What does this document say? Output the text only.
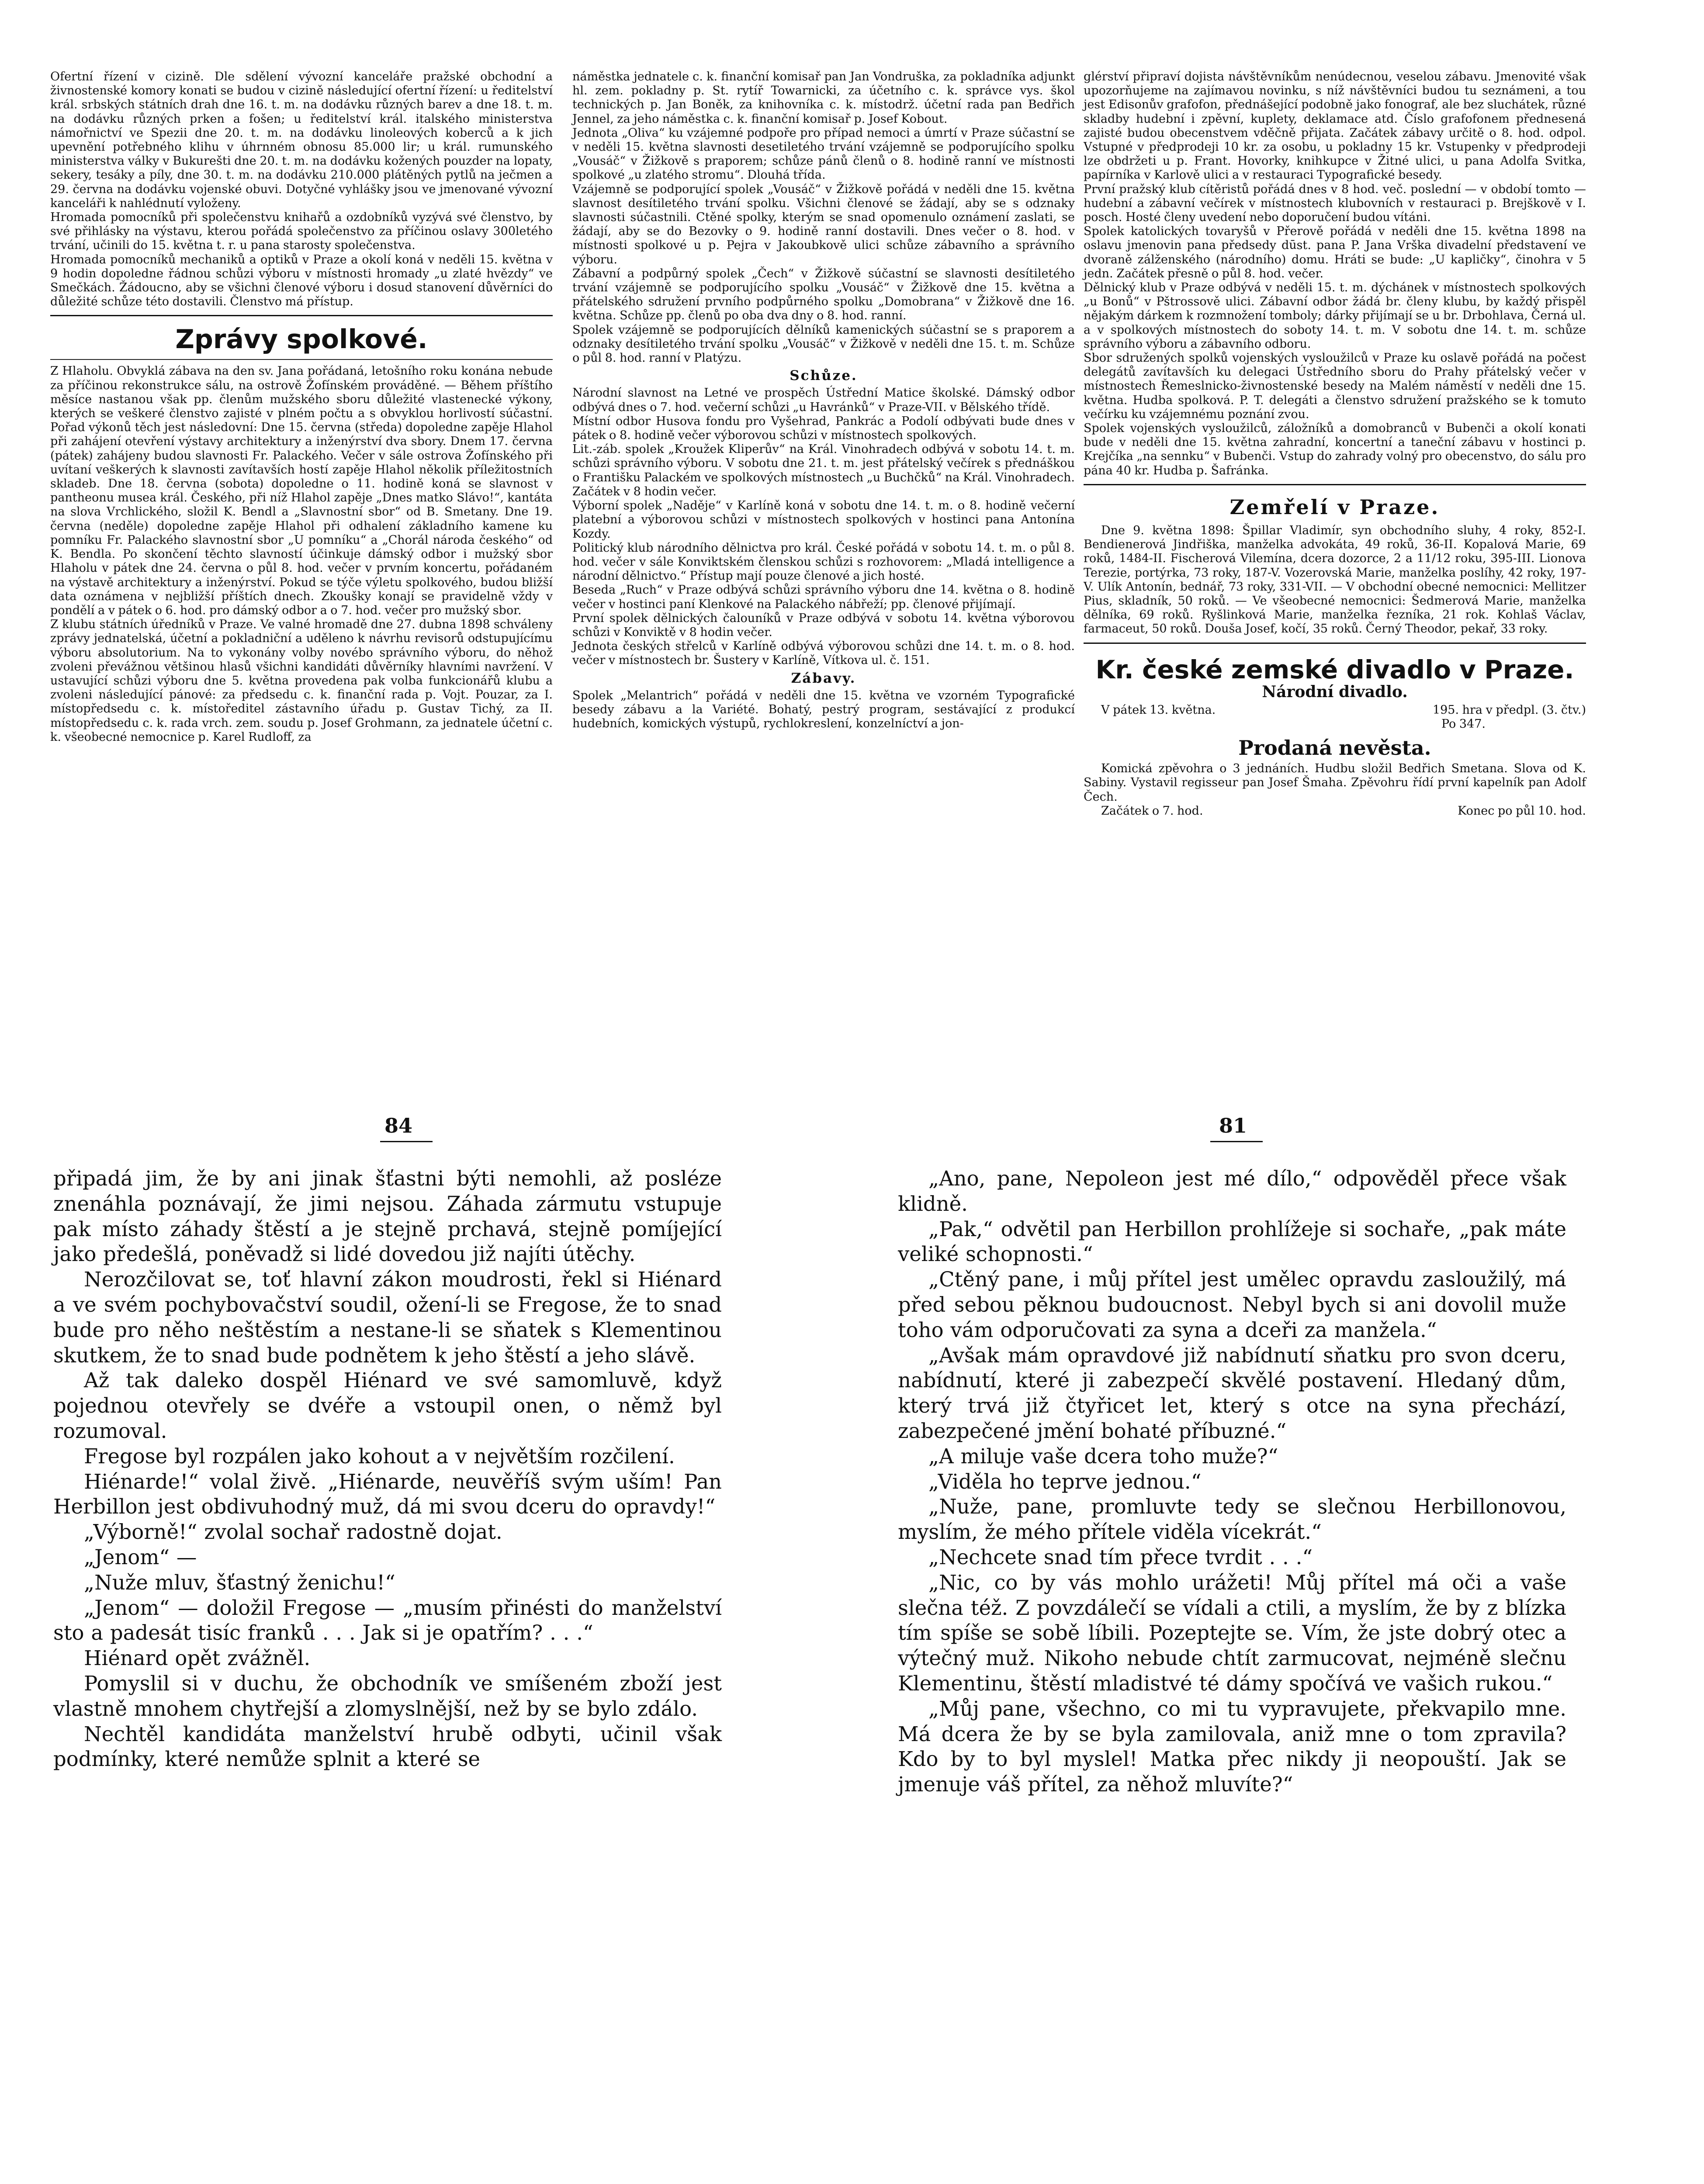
Ofertní řízení v cizině. Dle sdělení vývozní kanceláře pražské obchodní a živnostenské komory konati se budou v cizině následující ofertní řízení: u ředitelství král. srbských státních drah dne 16. t. m. na dodávku různých barev a dne 18. t. m. na dodávku různých prken a fošen; u ředitelství král. italského ministerstva námořnictví ve Spezii dne 20. t. m. na dodávku linoleových koberců a k jich upevnění potřebného klihu v úhrnném obnosu 85.000 lir; u král. rumunského ministerstva války v Bukurešti dne 20. t. m. na dodávku kožených pouzder na lopaty, sekery, tesáky a píly, dne 30. t. m. na dodávku 210.000 plátěných pytlů na ječmen a 29. června na dodávku vojenské obuvi. Dotyčné vyhlášky jsou ve jmenované vývozní kanceláři k nahlédnutí vyloženy.

Hromada pomocníků při společenstvu knihařů a ozdobníků vyzývá své členstvo, by své přihlásky na výstavu, kterou pořádá společenstvo za příčinou oslavy 300letého trvání, učinili do 15. května t. r. u pana starosty společenstva.

Hromada pomocníků mechaniků a optiků v Praze a okolí koná v neděli 15. května v 9 hodin dopoledne řádnou schůzi výboru v místnosti hromady „u zlaté hvězdy“ ve Smečkách. Žádoucno, aby se všichni členové výboru i dosud stanovení důvěrníci do důležité schůze této dostavili. Členstvo má přístup.

Zprávy spolkové.

Z Hlaholu. Obvyklá zábava na den sv. Jana pořádaná, letošního roku konána nebude za příčinou rekonstrukce sálu, na ostrově Žofínském prováděné. — Během příštího měsíce nastanou však pp. členům mužského sboru důležité vlastenecké výkony, kterých se veškeré členstvo zajisté v plném počtu a s obvyklou horlivostí súčastní. Pořad výkonů těch jest následovní: Dne 15. června (středa) dopoledne zapěje Hlahol při zahájení otevření výstavy architektury a inženýrství dva sbory. Dnem 17. června (pátek) zahájeny budou slavnosti Fr. Palackého. Večer v sále ostrova Žofínského při uvítaní veškerých k slavnosti zavítavších hostí zapěje Hlahol několik příležitostních skladeb. Dne 18. června (sobota) dopoledne o 11. hodině koná se slavnost v pantheonu musea král. Českého, při níž Hlahol zapěje „Dnes matko Slávo!“, kantáta na slova Vrchlického, složil K. Bendl a „Slavnostní sbor“ od B. Smetany. Dne 19. června (neděle) dopoledne zapěje Hlahol při odhalení základního kamene ku pomníku Fr. Palackého slavnostní sbor „U pomníku“ a „Chorál národa českého“ od K. Bendla. Po skončení těchto slavností účinkuje dámský odbor i mužský sbor Hlaholu v pátek dne 24. června o půl 8. hod. večer v prvním koncertu, pořádaném na výstavě architektury a inženýrství. Pokud se týče výletu spolkového, budou bližší data oznámena v nejbližší příštích dnech. Zkoušky konají se pravidelně vždy v pondělí a v pátek o 6. hod. pro dámský odbor a o 7. hod. večer pro mužský sbor.

Z klubu státních úředníků v Praze. Ve valné hromadě dne 27. dubna 1898 schváleny zprávy jednatelská, účetní a pokladniční a uděleno k návrhu revisorů odstupujícímu výboru absolutorium. Na to vykonány volby novébo správního výboru, do něhož zvoleni převážnou většinou hlasů všichni kandidáti důvěrníky hlavními navržení. V ustavující schůzi výboru dne 5. května provedena pak volba funkcionářů klubu a zvoleni následující pánové: za předsedu c. k. finanční rada p. Vojt. Pouzar, za I. místopředsedu c. k. místoředitel zástavního úřadu p. Gustav Tichý, za II. místopředsedu c. k. rada vrch. zem. soudu p. Josef Grohmann, za jednatele účetní c. k. všeobecné nemocnice p. Karel Rudloff, za

náměstka jednatele c. k. finanční komisař pan Jan Vondruška, za pokladníka adjunkt hl. zem. pokladny p. St. rytíř Towarnicki, za účetního c. k. správce vys. škol technických p. Jan Boněk, za knihovníka c. k. místodrž. účetní rada pan Bedřich Jennel, za jeho náměstka c. k. finanční komisař p. Josef Kobout.

Jednota „Oliva“ ku vzájemné podpoře pro případ nemoci a úmrtí v Praze súčastní se v neděli 15. května slavnosti desetiletého trvání vzájemně se podporujícího spolku „Vousáč“ v Žižkově s praporem; schůze pánů členů o 8. hodině ranní ve místnosti spolkové „u zlatého stromu“. Dlouhá třída.

Vzájemně se podporující spolek „Vousáč“ v Žižkově pořádá v neděli dne 15. května slavnost desítiletého trvání spolku. Všichni členové se žádají, aby se s odznaky slavnosti súčastnili. Ctěné spolky, kterým se snad opomenulo oznámení zaslati, se žádají, aby se do Bezovky o 9. hodině ranní dostavili. Dnes večer o 8. hod. v místnosti spolkové u p. Pejra v Jakoubkově ulici schůze zábavního a správního výboru.

Zábavní a podpůrný spolek „Čech“ v Žižkově súčastní se slavnosti desítiletého trvání vzájemně se podporujícího spolku „Vousáč“ v Žižkově dne 15. května a přátelského sdružení prvního podpůrného spolku „Domobrana“ v Žižkově dne 16. května. Schůze pp. členů po oba dva dny o 8. hod. ranní.

Spolek vzájemně se podporujících dělníků kamenických súčastní se s praporem a odznaky desítiletého trvání spolku „Vousáč“ v Žižkově v neděli dne 15. t. m. Schůze o půl 8. hod. ranní v Platýzu.

Schůze.

Národní slavnost na Letné ve prospěch Ústřední Matice školské. Dámský odbor odbývá dnes o 7. hod. večerní schůzi „u Havránků“ v Praze-VII. v Bělského třídě.

Místní odbor Husova fondu pro Vyšehrad, Pankrác a Podolí odbývati bude dnes v pátek o 8. hodině večer výborovou schůzi v místnostech spolkových.

Lit.-záb. spolek „Kroužek Kliperův“ na Král. Vinohradech odbývá v sobotu 14. t. m. schůzi správního výboru. V sobotu dne 21. t. m. jest přátelský večírek s přednáškou o Františku Palackém ve spolkových místnostech „u Buchčků“ na Král. Vinohradech. Začátek v 8 hodin večer.

Výborní spolek „Naděje“ v Karlíně koná v sobotu dne 14. t. m. o 8. hodině večerní platební a výborovou schůzi v místnostech spolkových v hostinci pana Antonína Kozdy.

Politický klub národního dělnictva pro král. České pořádá v sobotu 14. t. m. o půl 8. hod. večer v sále Konviktském členskou schůzi s rozhovorem: „Mladá intelligence a národní dělnictvo.“ Přístup mají pouze členové a jich hosté.

Beseda „Ruch“ v Praze odbývá schůzi správního výboru dne 14. května o 8. hodině večer v hostinci paní Klenkové na Palackého nábřeží; pp. členové přijímají.

První spolek dělnických čalouníků v Praze odbývá v sobotu 14. května výborovou schůzi v Konviktě v 8 hodin večer.

Jednota českých střelců v Karlíně odbývá výborovou schůzi dne 14. t. m. o 8. hod. večer v místnostech br. Šustery v Karlíně, Vítkova ul. č. 151.

Zábavy.

Spolek „Melantrich“ pořádá v neděli dne 15. května ve vzorném Typografické besedy zábavu a la Variété. Bohatý, pestrý program, sestávající z produkcí hudebních, komických výstupů, rychlokreslení, konzelníctví a jon-

glérství připraví dojista návštěvníkům nenúdecnou, veselou zábavu. Jmenovité však upozorňujeme na zajímavou novinku, s níž návštěvníci budou tu seznámeni, a tou jest Edisonův grafofon, přednášející podobně jako fonograf, ale bez sluchátek, různé skladby hudební i zpěvní, kuplety, deklamace atd. Číslo grafofonem přednesená zajisté budou obecenstvem vděčně přijata. Začátek zábavy určitě o 8. hod. odpol. Vstupné v předprodeji 10 kr. za osobu, u pokladny 15 kr. Vstupenky v předprodeji lze obdržeti u p. Frant. Hovorky, knihkupce v Žitné ulici, u pana Adolfa Svitka, papírníka v Karlově ulici a v restauraci Typografické besedy.

První pražský klub cítěristů pořádá dnes v 8 hod. več. poslední — v období tomto — hudební a zábavní večírek v místnostech klubovních v restauraci p. Brejškově v I. posch. Hosté členy uvedení nebo doporučení budou vítáni.

Spolek katolických tovaryšů v Přerově pořádá v neděli dne 15. května 1898 na oslavu jmenovin pana předsedy dūst. pana P. Jana Vrška divadelní představení ve dvoraně zálženského (národního) domu. Hráti se bude: „U kapličky“, činohra v 5 jedn. Začátek přesně o půl 8. hod. večer.

Dělnický klub v Praze odbývá v neděli 15. t. m. dýchánek v místnostech spolkových „u Bonů“ v Pštrossově ulici. Zábavní odbor žádá br. členy klubu, by každý přispěl nějakým dárkem k rozmnožení tomboly; dárky přijímají se u br. Drbohlava, Černá ul. a v spolkových místnostech do soboty 14. t. m. V sobotu dne 14. t. m. schůze správního výboru a zábavního odboru.

Sbor sdružených spolků vojenských vysloužilců v Praze ku oslavě pořádá na počest delegátů zavítavších ku delegaci Ústředního sboru do Prahy přátelský večer v místnostech Řemeslnicko-živnostenské besedy na Malém náměstí v neděli dne 15. května. Hudba spolková. P. T. delegáti a členstvo sdružení pražského se k tomuto večírku ku vzájemnému poznání zvou.

Spolek vojenských vysloužilců, záložníků a domobranců v Bubenči a okolí konati bude v neděli dne 15. května zahradní, koncertní a taneční zábavu v hostinci p. Krejčíka „na sennku“ v Bubenči. Vstup do zahrady volný pro obecenstvo, do sálu pro pána 40 kr. Hudba p. Šafránka.

Zemřelí v Praze.

Dne 9. května 1898: Špillar Vladimír, syn obchodního sluhy, 4 roky, 852-I. Bendienerová Jindřiška, manželka advokáta, 49 roků, 36-II. Kopalová Marie, 69 roků, 1484-II. Fischerová Vilemína, dcera dozorce, 2 a 11/12 roku, 395-III. Lionova Terezie, portýrka, 73 roky, 187-V. Vozerovská Marie, manželka poslíhy, 42 roky, 197-V. Ulík Antonín, bednář, 73 roky, 331-VII. — V obchodní obecné nemocnici: Mellitzer Pius, skladník, 50 roků. — Ve všeobecné nemocnici: Šedmerová Marie, manželka dělníka, 69 roků. Ryšlinková Marie, manželka řezníka, 21 rok. Kohlaš Václav, farmaceut, 50 roků. Douša Josef, kočí, 35 roků. Černý Theodor, pekař, 33 roky.

Kr. české zemské divadlo v Praze.
Národní divadlo.
V pátek 13. května.	195. hra v předpl. (3. čtv.)
Po 347.
Prodaná nevěsta.

Komická zpěvohra o 3 jednáních. Hudbu složil Bedřich Smetana. Slova od K. Sabiny. Vystavil regisseur pan Josef Šmaha. Zpěvohru řídí první kapelník pan Adolf Čech.

Začátek o 7. hod.	Konec po půl 10. hod.
84	81

připadá jim, že by ani jinak šťastni býti nemohli, až posléze znenáhla poznávají, že jimi nejsou. Záhada zármutu vstupuje pak místo záhady štěstí a je stejně prchavá, stejně pomíjející jako předešlá, poněvadž si lidé dovedou již najíti útěchy.

Nerozčilovat se, toť hlavní zákon moudrosti, řekl si Hiénard a ve svém pochybovačství soudil, ožení-li se Fregose, že to snad bude pro něho neštěstím a nestane-li se sňatek s Klementinou skutkem, že to snad bude podnětem k jeho štěstí a jeho slávě.

Až tak daleko dospěl Hiénard ve své samomluvě, když pojednou otevřely se dvéře a vstoupil onen, o němž byl rozumoval.

Fregose byl rozpálen jako kohout a v největším rozčilení.

Hiénarde!“ volal živě. „Hiénarde, neuvěříš svým uším! Pan Herbillon jest obdivuhodný muž, dá mi svou dceru do opravdy!“

„Výborně!“ zvolal sochař radostně dojat.

„Jenom“ —

„Nuže mluv, šťastný ženichu!“

„Jenom“ — doložil Fregose — „musím přinésti do manželství sto a padesát tisíc franků . . . Jak si je opatřím? . . .“

Hiénard opět zvážněl.

Pomyslil si v duchu, že obchodník ve smíšeném zboží jest vlastně mnohem chytřejší a zlomyslnější, než by se bylo zdálo.

Nechtěl kandidáta manželství hrubě odbyti, učinil však podmínky, které nemůže splnit a které se

„Ano, pane, Nepoleon jest mé dílo,“ odpověděl přece však klidně.

„Pak,“ odvětil pan Herbillon prohlížeje si sochaře, „pak máte veliké schopnosti.“

„Ctěný pane, i můj přítel jest umělec opravdu zasloužilý, má před sebou pěknou budoucnost. Nebyl bych si ani dovolil muže toho vám odporučovati za syna a dceři za manžela.“

„Avšak mám opravdové již nabídnutí sňatku pro svon dceru, nabídnutí, které ji zabezpečí skvělé postavení. Hledaný dům, který trvá již čtyřicet let, který s otce na syna přechází, zabezpečené jmění bohaté příbuzné.“

„A miluje vaše dcera toho muže?“

„Viděla ho teprve jednou.“

„Nuže, pane, promluvte tedy se slečnou Herbillonovou, myslím, že mého přítele viděla vícekrát.“

„Nechcete snad tím přece tvrdit . . .“

„Nic, co by vás mohlo urážeti! Můj přítel má oči a vaše slečna též. Z povzdálečí se vídali a ctili, a myslím, že by z blízka tím spíše se sobě líbili. Pozeptejte se. Vím, že jste dobrý otec a výtečný muž. Nikoho nebude chtít zarmucovat, nejméně slečnu Klementinu, štěstí mladistvé té dámy spočívá ve vašich rukou.“

„Můj pane, všechno, co mi tu vypravujete, překvapilo mne. Má dcera že by se byla zamilovala, aniž mne o tom zpravila? Kdo by to byl myslel! Matka přec nikdy ji neopouští. Jak se jmenuje váš přítel, za něhož mluvíte?“
